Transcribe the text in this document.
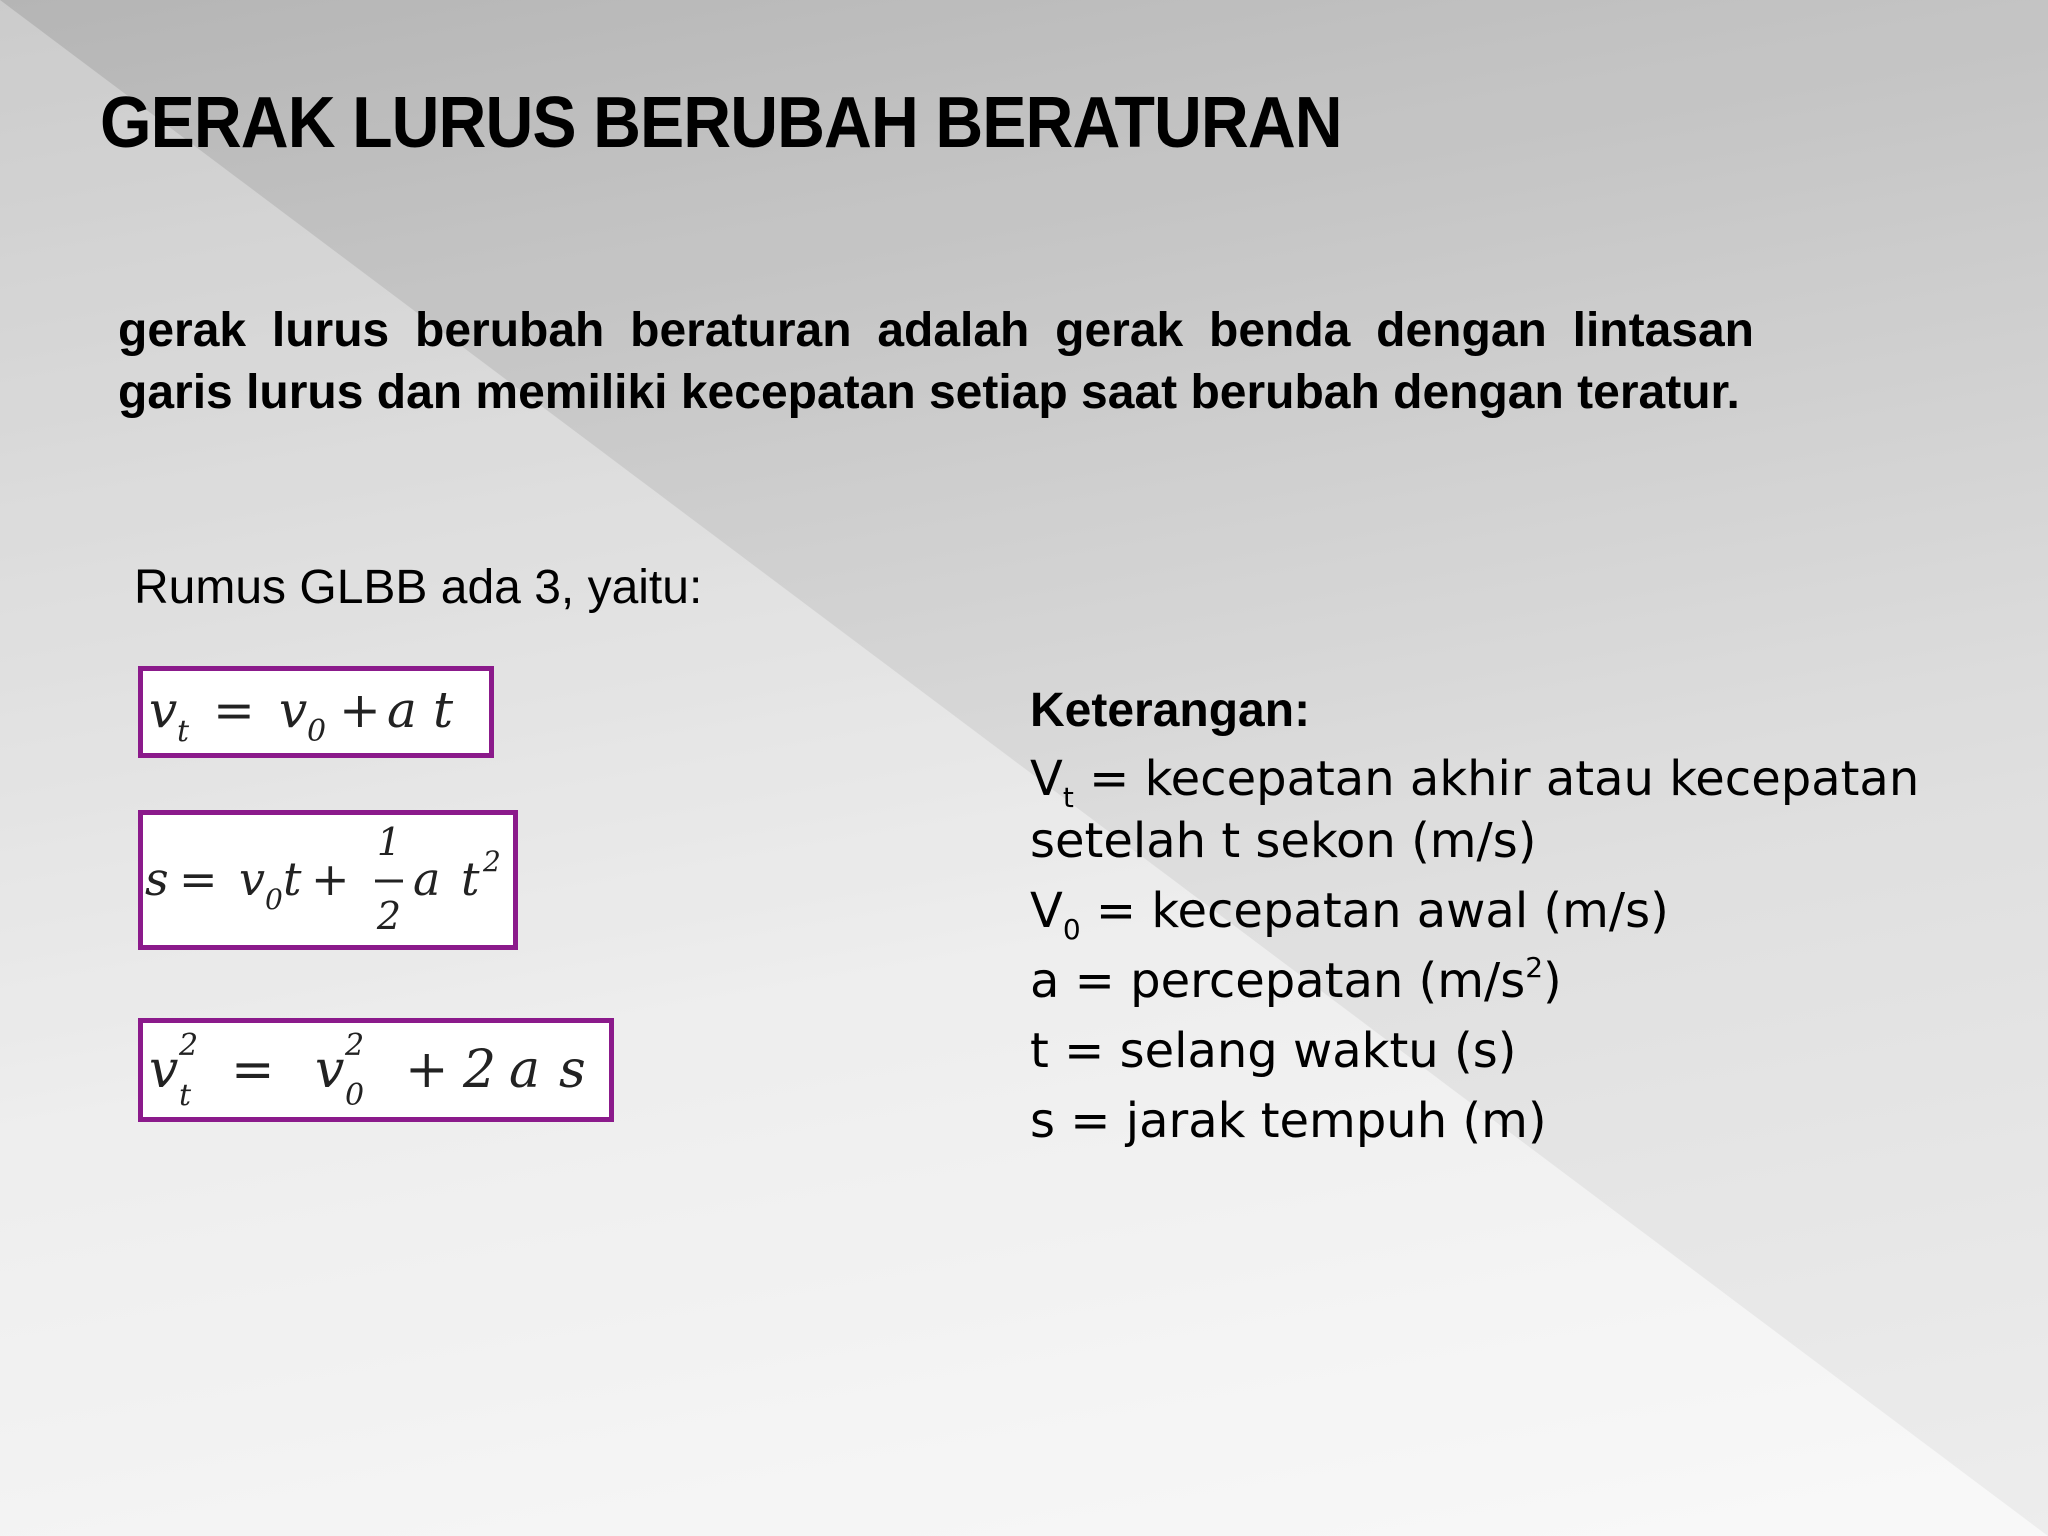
GERAK LURUS BERUBAH BERATURAN
gerak lurus berubah beraturan adalah gerak benda dengan lintasan garis lurus dan memiliki kecepatan setiap saat berubah dengan teratur.
Rumus GLBB ada 3, yaitu:
v t = v 0 + a t
s = v 0 t +
1
2
a t 2
v 2
t = v 2
0 + 2 a s
Keterangan:
$V_t$ = kecepatan akhir atau kecepatan setelah t sekon (m/s)
$V_0$ = kecepatan awal (m/s)
a = percepatan $(m/s^2)$
t = selang waktu (s)
s = jarak tempuh (m)
